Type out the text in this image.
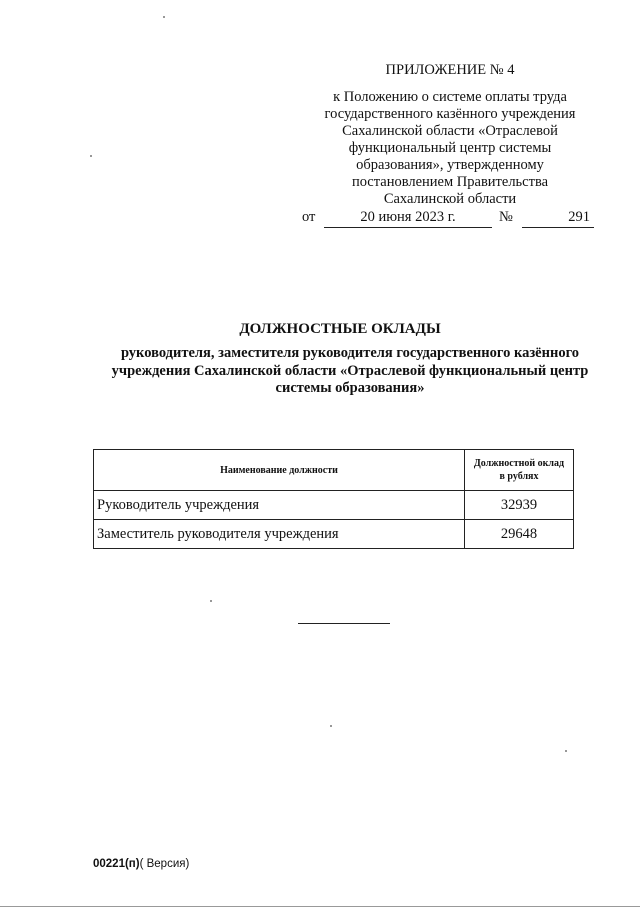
ПРИЛОЖЕНИЕ № 4
к Положению о системе оплаты труда
государственного казённого учреждения
Сахалинской области «Отраслевой
функциональный центр системы
образования», утвержденному
постановлением Правительства
Сахалинской области
от	20 июня 2023 г.	№	291
ДОЛЖНОСТНЫЕ ОКЛАДЫ
руководителя, заместителя руководителя государственного казённого
учреждения Сахалинской области «Отраслевой функциональный центр
системы образования»
Наименование должности	Должностной оклад
в рублях

Руководитель учреждения	32939
Заместитель руководителя учреждения	29648
00221(п)( Версия)
